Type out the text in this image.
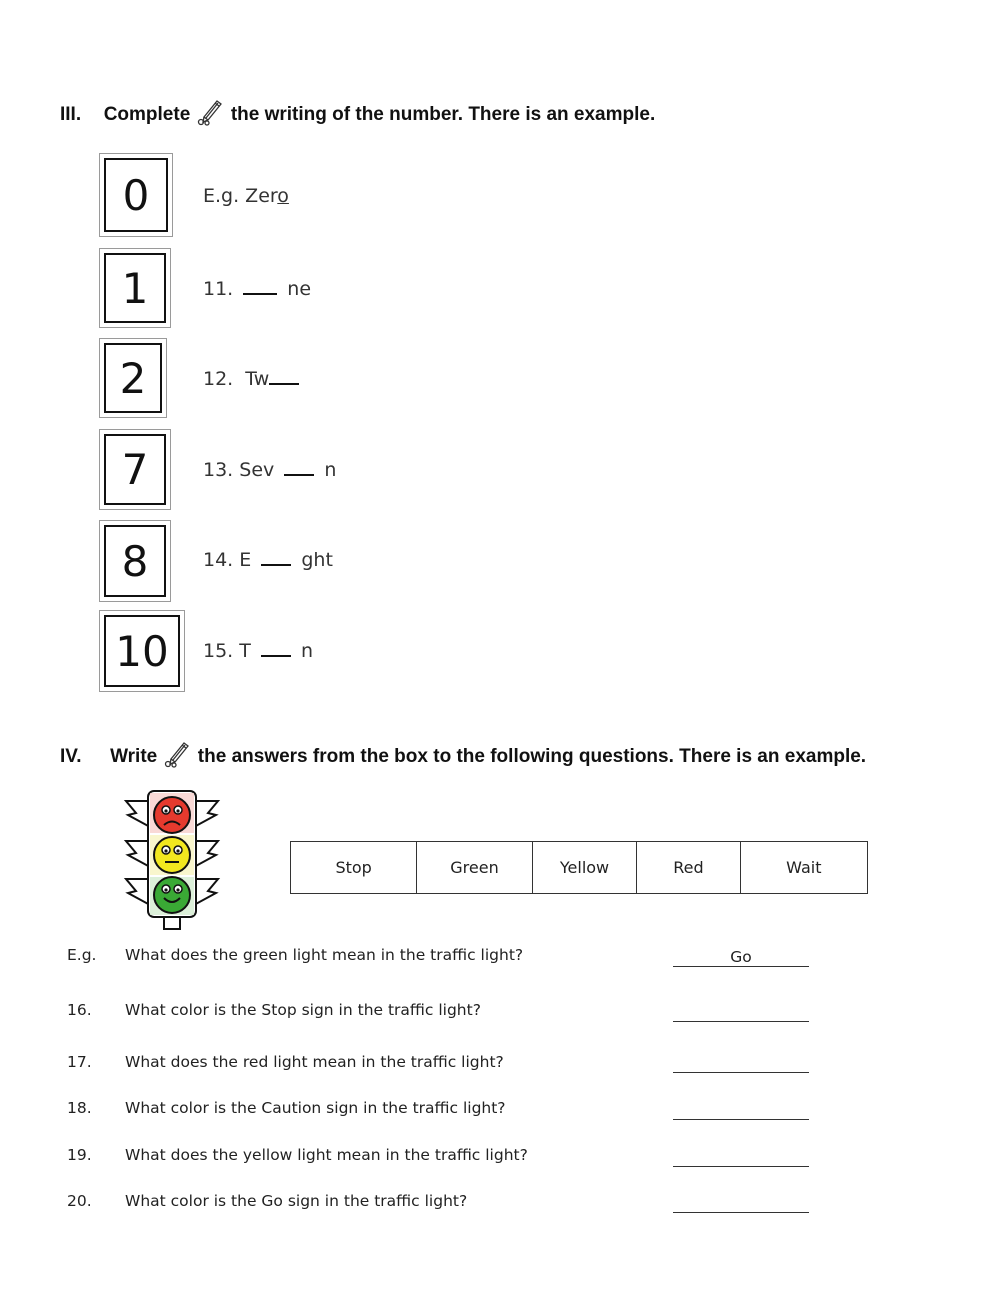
III. Complete the writing of the number. There is an example.
0	E.g. Zero
1	11.  ne
2	12.  Tw
7	13. Sev  n
8	14. E  ght
10	15. T  n
IV. Write the answers from the box to the following questions. There is an example.
Stop	Green	Yellow	Red	Wait
E.g. What does the green light mean in the traffic light?	Go
16. What color is the Stop sign in the traffic light?
17. What does the red light mean in the traffic light?
18. What color is the Caution sign in the traffic light?
19. What does the yellow light mean in the traffic light?
20. What color is the Go sign in the traffic light?
